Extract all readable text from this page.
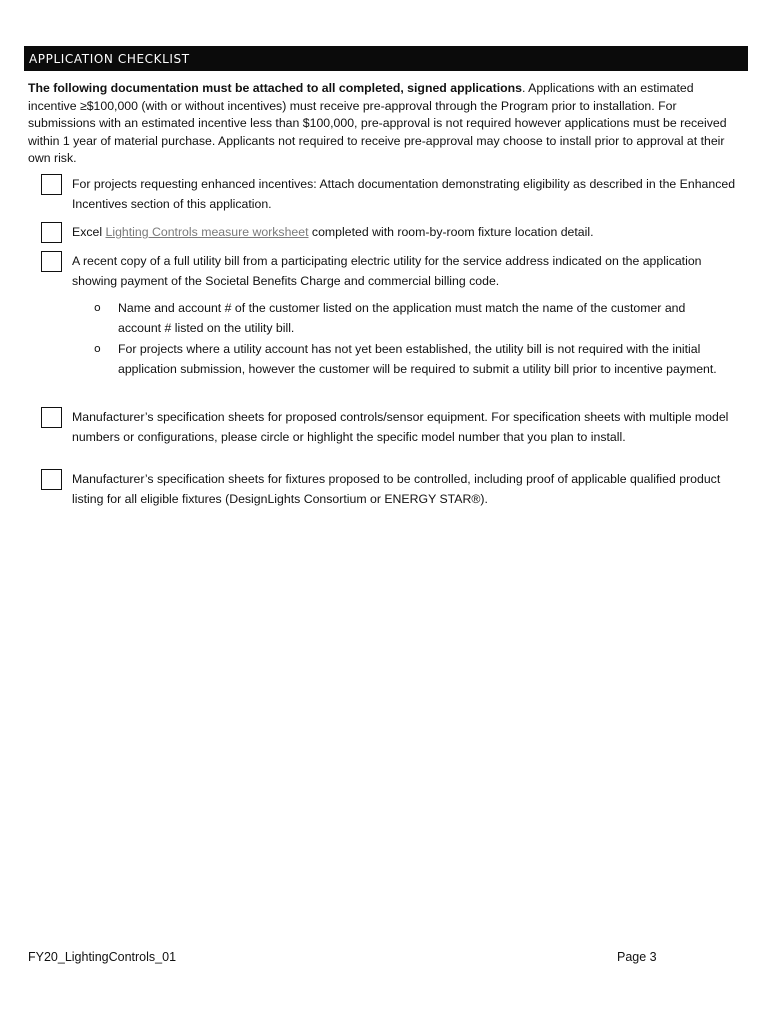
APPLICATION CHECKLIST
The following documentation must be attached to all completed, signed applications. Applications with an estimated incentive ≥$100,000 (with or without incentives) must receive pre-approval through the Program prior to installation. For submissions with an estimated incentive less than $100,000, pre-approval is not required however applications must be received within 1 year of material purchase. Applicants not required to receive pre-approval may choose to install prior to approval at their own risk.
For projects requesting enhanced incentives: Attach documentation demonstrating eligibility as described in the Enhanced Incentives section of this application.
Excel Lighting Controls measure worksheet completed with room-by-room fixture location detail.
A recent copy of a full utility bill from a participating electric utility for the service address indicated on the application showing payment of the Societal Benefits Charge and commercial billing code.
o Name and account # of the customer listed on the application must match the name of the customer and account # listed on the utility bill.
o For projects where a utility account has not yet been established, the utility bill is not required with the initial application submission, however the customer will be required to submit a utility bill prior to incentive payment.
Manufacturer’s specification sheets for proposed controls/sensor equipment. For specification sheets with multiple model numbers or configurations, please circle or highlight the specific model number that you plan to install.
Manufacturer’s specification sheets for fixtures proposed to be controlled, including proof of applicable qualified product listing for all eligible fixtures (DesignLights Consortium or ENERGY STAR®).
FY20_LightingControls_01	Page 3
